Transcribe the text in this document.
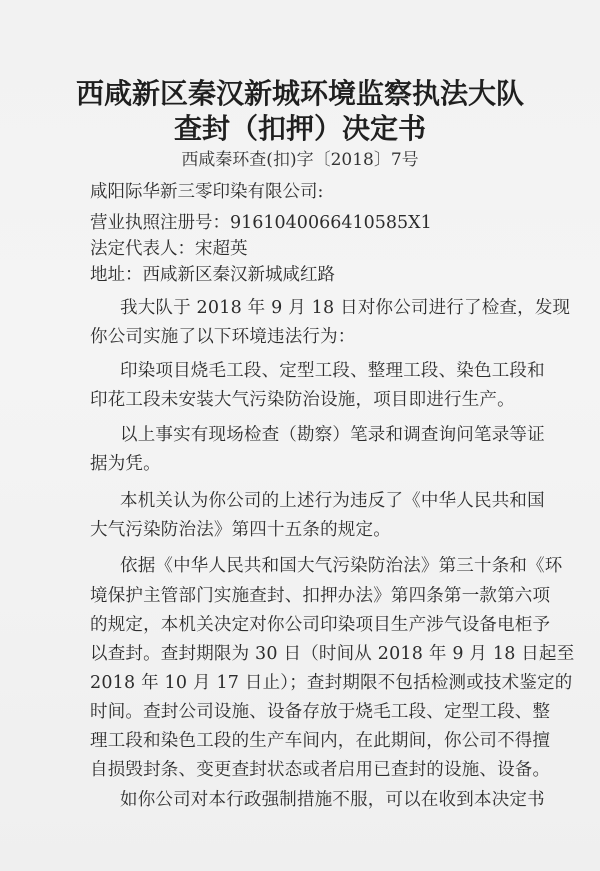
西咸新区秦汉新城环境监察执法大队
查封（扣押）决定书
西咸秦环查(扣)字〔2018〕7号
咸阳际华新三零印染有限公司:
营业执照注册号：9161040066410585X1
法定代表人：宋超英
地址：西咸新区秦汉新城咸红路
我大队于 2018 年 9 月 18 日对你公司进行了检查，发现
你公司实施了以下环境违法行为：
印染项目烧毛工段、定型工段、整理工段、染色工段和
印花工段未安装大气污染防治设施，项目即进行生产。
以上事实有现场检查（勘察）笔录和调查询问笔录等证
据为凭。
本机关认为你公司的上述行为违反了《中华人民共和国
大气污染防治法》第四十五条的规定。
依据《中华人民共和国大气污染防治法》第三十条和《环
境保护主管部门实施查封、扣押办法》第四条第一款第六项
的规定，本机关决定对你公司印染项目生产涉气设备电柜予
以查封。查封期限为 30 日（时间从 2018 年 9 月 18 日起至
2018 年 10 月 17 日止）；查封期限不包括检测或技术鉴定的
时间。查封公司设施、设备存放于烧毛工段、定型工段、整
理工段和染色工段的生产车间内，在此期间，你公司不得擅
自损毁封条、变更查封状态或者启用已查封的设施、设备。
如你公司对本行政强制措施不服，可以在收到本决定书
